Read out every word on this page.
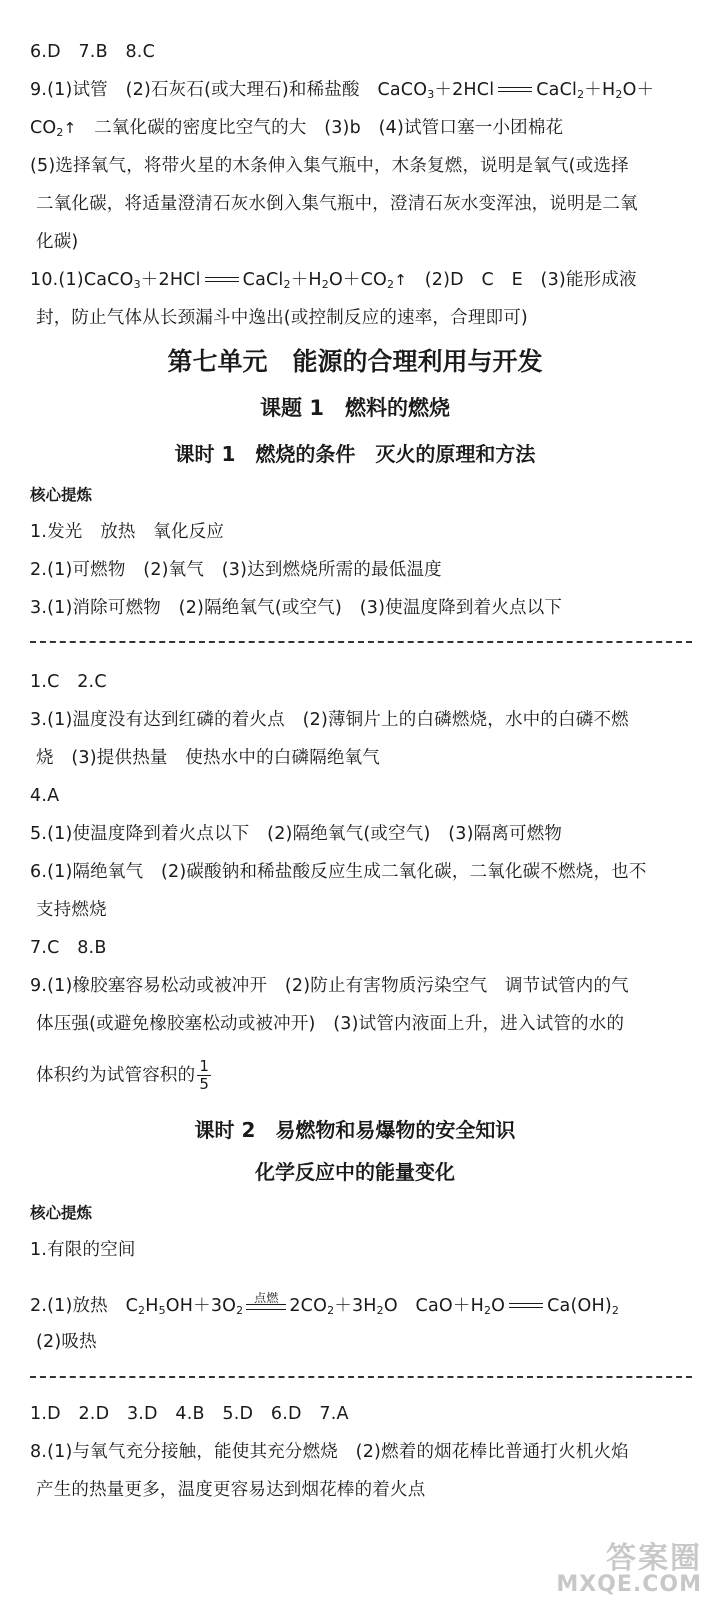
6.D　7.B　8.C
9.(1)试管　(2)石灰石(或大理石)和稀盐酸　CaCO$_3$＋2HCl $CaCl_2+H_2O+$
$CO_2↑$　二氧化碳的密度比空气的大　(3)b　(4)试管口塞一小团棉花
(5)选择氧气，将带火星的木条伸入集气瓶中，木条复燃，说明是氧气(或选择
二氧化碳，将适量澄清石灰水倒入集气瓶中，澄清石灰水变浑浊，说明是二氧
化碳)
10.(1)CaCO$_3$＋2HCl $CaCl_2+H_2O+CO_2↑$　(2)D　C　E　(3)能形成液
封，防止气体从长颈漏斗中逸出(或控制反应的速率，合理即可)
第七单元　能源的合理利用与开发
课题 1　燃料的燃烧
课时 1　燃烧的条件　灭火的原理和方法
核心提炼
1.发光　放热　氧化反应
2.(1)可燃物　(2)氧气　(3)达到燃烧所需的最低温度
3.(1)消除可燃物　(2)隔绝氧气(或空气)　(3)使温度降到着火点以下
1.C　2.C
3.(1)温度没有达到红磷的着火点　(2)薄铜片上的白磷燃烧，水中的白磷不燃
烧　(3)提供热量　使热水中的白磷隔绝氧气
4.A
5.(1)使温度降到着火点以下　(2)隔绝氧气(或空气)　(3)隔离可燃物
6.(1)隔绝氧气　(2)碳酸钠和稀盐酸反应生成二氧化碳，二氧化碳不燃烧，也不
支持燃烧
7.C　8.B
9.(1)橡胶塞容易松动或被冲开　(2)防止有害物质污染空气　调节试管内的气
体压强(或避免橡胶塞松动或被冲开)　(3)试管内液面上升，进入试管的水的
体积约为试管容积的 $\frac{1}{5}$
课时 2　易燃物和易爆物的安全知识
化学反应中的能量变化
核心提炼
1.有限的空间
2.(1)放热　$C_2H_5OH+3O_2$
点燃 $2CO_2+3H_2O$　$CaO+H_2O$ $Ca(OH)_2$
(2)吸热
1.D　2.D　3.D　4.B　5.D　6.D　7.A
8.(1)与氧气充分接触，能使其充分燃烧　(2)燃着的烟花棒比普通打火机火焰
产生的热量更多，温度更容易达到烟花棒的着火点
答案圈
MXQE.COM
